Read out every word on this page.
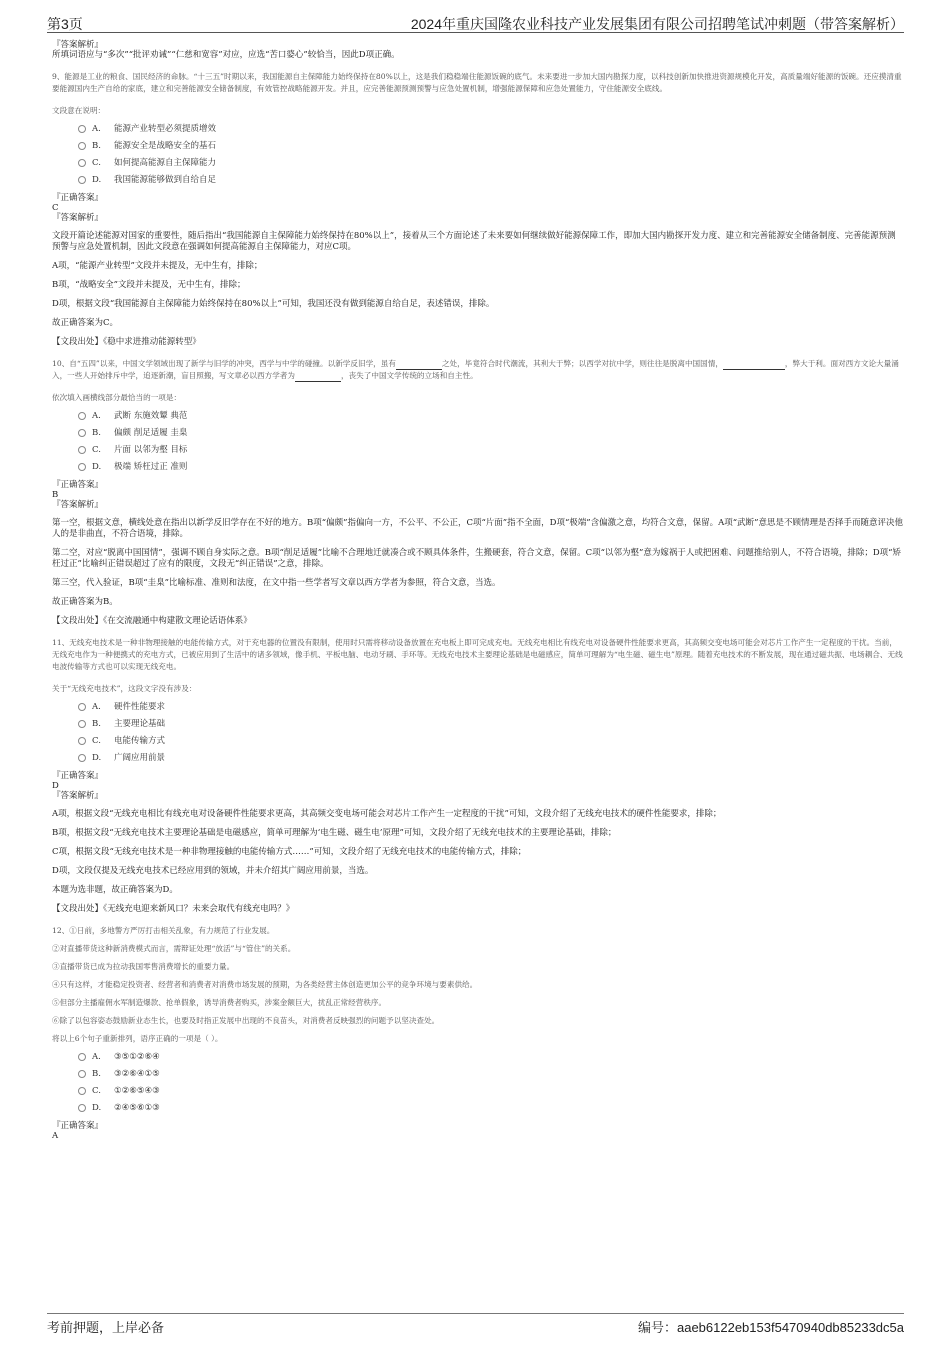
第3页	2024年重庆国隆农业科技产业发展集团有限公司招聘笔试冲刺题（带答案解析）

『答案解析』

所填词语应与“多次”“批评劝诫”“仁慈和宽容”对应，应选“苦口婆心”较恰当，因此D项正确。

9、能源是工业的粮食、国民经济的命脉。“十三五”时期以来，我国能源自主保障能力始终保持在80%以上，这是我们稳稳端住能源饭碗的底气。未来要进一步加大国内勘探力度，以科技创新加快推进资源规模化开发，高质量端好能源的饭碗。还应摸清重要能源国内生产自给的家底，建立和完善能源安全储备制度，有效管控战略能源开发。并且，应完善能源预测预警与应急处置机制，增强能源保障和应急处置能力，守住能源安全底线。

文段意在说明：

A. 能源产业转型必须提质增效
B. 能源安全是战略安全的基石
C. 如何提高能源自主保障能力
D. 我国能源能够做到自给自足

『正确答案』

C

『答案解析』

文段开篇论述能源对国家的重要性，随后指出“我国能源自主保障能力始终保持在80%以上”，接着从三个方面论述了未来要如何继续做好能源保障工作，即加大国内勘探开发力度、建立和完善能源安全储备制度、完善能源预测预警与应急处置机制，因此文段意在强调如何提高能源自主保障能力，对应C项。

A项，“能源产业转型”文段并未提及，无中生有，排除；

B项，“战略安全”文段并未提及，无中生有，排除；

D项，根据文段“我国能源自主保障能力始终保持在80%以上”可知，我国还没有做到能源自给自足，表述错误，排除。

故正确答案为C。

【文段出处】《稳中求进推动能源转型》

10、自“五四”以来，中国文学领域出现了新学与旧学的冲突，西学与中学的碰撞。以新学反旧学，虽有	之处，毕竟符合时代潮流，其利大于弊；以西学对抗中学，则往往是脱离中国国情，	，弊大于利。面对西方文论大量涌入，一些人开始排斥中学，追逐新潮，盲目照搬，写文章必以西方学者为	，丧失了中国文学传统的立场和自主性。

依次填入画横线部分最恰当的一项是：

A. 武断 东施效颦 典范
B. 偏颇 削足适履 圭臬
C. 片面 以邻为壑 目标
D. 极端 矫枉过正 准则

『正确答案』

B

『答案解析』

第一空，根据文意，横线处意在指出以新学反旧学存在不好的地方。B项“偏颇”指偏向一方，不公平、不公正，C项“片面”指不全面，D项“极端”含偏激之意，均符合文意，保留。A项“武断”意思是不顾情理是否择手而随意评决他人的是非曲直，不符合语境，排除。

第二空，对应“脱离中国国情”，强调不顾自身实际之意。B项“削足适履”比喻不合理地迁就凑合或不顾具体条件，生搬硬套，符合文意，保留。C项“以邻为壑”意为嫁祸于人或把困难、问题推给别人，不符合语境，排除；D项“矫枉过正”比喻纠正错误超过了应有的限度，文段无“纠正错误”之意，排除。

第三空，代入验证，B项“圭臬”比喻标准、准则和法度，在文中指一些学者写文章以西方学者为参照，符合文意，当选。

故正确答案为B。

【文段出处】《在交流融通中构建散文理论话语体系》

11、无线充电技术是一种非物理接触的电能传输方式，对于充电器的位置没有限制，使用时只需将移动设备放置在充电板上即可完成充电。无线充电相比有线充电对设备硬件性能要求更高，其高频交变电场可能会对芯片工作产生一定程度的干扰。当前，无线充电作为一种便携式的充电方式，已被应用到了生活中的诸多领域，像手机、平板电脑、电动牙刷、手环等。无线充电技术主要理论基础是电磁感应，简单可理解为“电生磁、磁生电”原理。随着充电技术的不断发展，现在通过磁共振、电场耦合、无线电波传输等方式也可以实现无线充电。

关于“无线充电技术”，这段文字没有涉及：

A. 硬件性能要求
B. 主要理论基础
C. 电能传输方式
D. 广阔应用前景

『正确答案』

D

『答案解析』

A项，根据文段“无线充电相比有线充电对设备硬件性能要求更高，其高频交变电场可能会对芯片工作产生一定程度的干扰”可知，文段介绍了无线充电技术的硬件性能要求，排除；

B项，根据文段“无线充电技术主要理论基础是电磁感应，简单可理解为‘电生磁、磁生电’原理”可知，文段介绍了无线充电技术的主要理论基础，排除；

C项，根据文段“无线充电技术是一种非物理接触的电能传输方式……”可知，文段介绍了无线充电技术的电能传输方式，排除；

D项，文段仅提及无线充电技术已经应用到的领域，并未介绍其广阔应用前景，当选。

本题为选非题，故正确答案为D。

【文段出处】《无线充电迎来新风口？未来会取代有线充电吗？》

12、①日前，多地警方严厉打击相关乱象，有力规范了行业发展。

②对直播带货这种新消费模式而言，需辩证处理“放活”与“管住”的关系。

③直播带货已成为拉动我国零售消费增长的重要力量。

④只有这样，才能稳定投资者、经营者和消费者对消费市场发展的预期，为各类经营主体创造更加公平的竞争环境与要素供给。

⑤但部分主播雇佣水军制造爆款、抢单假象，诱导消费者购买，涉案金额巨大，扰乱正常经营秩序。

⑥除了以包容姿态鼓励新业态生长，也要及时指正发展中出现的不良苗头，对消费者反映强烈的问题予以坚决查处。

将以上6个句子重新排列，语序正确的一项是（ ）。

A. ③⑤①②⑥④
B. ③②⑥④①⑤
C. ①②⑥⑤④③
D. ②④⑤⑥①③

『正确答案』

A

考前押题，上岸必备	编号：aaeb6122eb153f5470940db85233dc5a
